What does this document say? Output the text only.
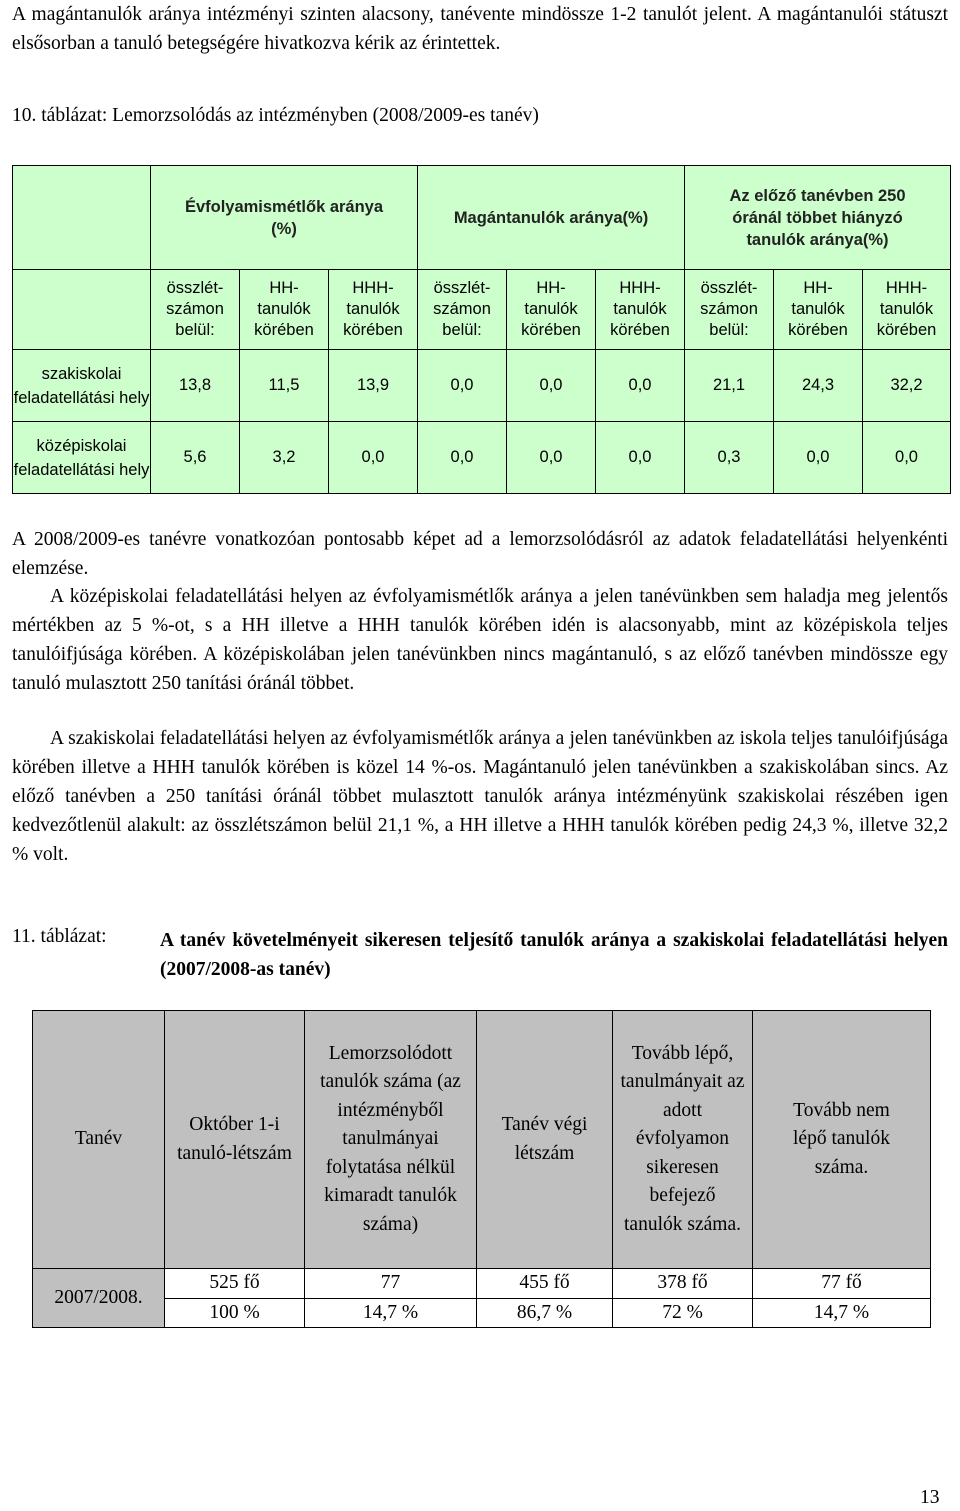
A magántanulók aránya intézményi szinten alacsony, tanévente mindössze 1-2 tanulót jelent. A magántanulói státuszt elsősorban a tanuló betegségére hivatkozva kérik az érintettek.
10. táblázat: Lemorzsolódás az intézményben (2008/2009-es tanév)
	Évfolyamismétlők aránya (%)			Magántanulók aránya(%)			Az előző tanévben 250 óránál többet hiányzó tanulók aránya(%)		
	összlét-számon belül:	HH-tanulók körében	HHH-tanulók körében	összlét-számon belül:	HH-tanulók körében	HHH-tanulók körében	összlét-számon belül:	HH-tanulók körében	HHH-tanulók körében
szakiskolai feladatellátási hely	13,8	11,5	13,9	0,0	0,0	0,0	21,1	24,3	32,2
középiskolai feladatellátási hely	5,6	3,2	0,0	0,0	0,0	0,0	0,3	0,0	0,0
A 2008/2009-es tanévre vonatkozóan pontosabb képet ad a lemorzsolódásról az adatok feladatellátási helyenkénti elemzése.
A középiskolai feladatellátási helyen az évfolyamismétlők aránya a jelen tanévünkben sem haladja meg jelentős mértékben az 5 %-ot, s a HH illetve a HHH tanulók körében idén is alacsonyabb, mint az középiskola teljes tanulóifjúsága körében. A középiskolában jelen tanévünkben nincs magántanuló, s az előző tanévben mindössze egy tanuló mulasztott 250 tanítási óránál többet.
A szakiskolai feladatellátási helyen az évfolyamismétlők aránya a jelen tanévünkben az iskola teljes tanulóifjúsága körében illetve a HHH tanulók körében is közel 14 %-os. Magántanuló jelen tanévünkben a szakiskolában sincs. Az előző tanévben a 250 tanítási óránál többet mulasztott tanulók aránya intézményünk szakiskolai részében igen kedvezőtlenül alakult: az összlétszámon belül 21,1 %, a HH illetve a HHH tanulók körében pedig 24,3 %, illetve 32,2 % volt.
11. táblázat:	A tanév követelményeit sikeresen teljesítő tanulók aránya a szakiskolai feladatellátási helyen (2007/2008-as tanév)
Tanév	Október 1-i tanuló-létszám	Lemorzsolódott tanulók száma (az intézményből tanulmányai folytatása nélkül kimaradt tanulók száma)	Tanév végi létszám	Tovább lépő, tanulmányait az adott évfolyamon sikeresen befejező tanulók száma.	Tovább nem lépő tanulók száma.
2007/2008.	525 fő	77	455 fő	378 fő	77 fő
	100 %	14,7 %	86,7 %	72 %	14,7 %
13
